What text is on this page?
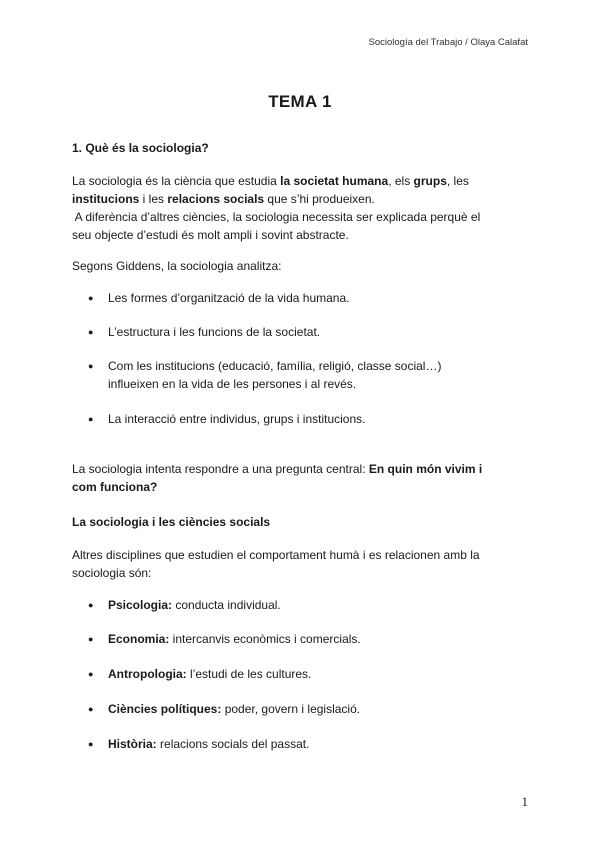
Sociología del Trabajo / Olaya Calafat
TEMA 1
1. Què és la sociologia?
La sociologia és la ciència que estudia la societat humana, els grups, les
institucions i les relacions socials que s’hi produeixen.
A diferència d’altres ciències, la sociologia necessita ser explicada perquè el
seu objecte d’estudi és molt ampli i sovint abstracte.
Segons Giddens, la sociologia analitza:
● Les formes d’organització de la vida humana.
● L’estructura i les funcions de la societat.
● Com les institucions (educació, família, religió, classe social…)
influeixen en la vida de les persones i al revés.
● La interacció entre individus, grups i institucions.
La sociologia intenta respondre a una pregunta central: En quin món vivim i
com funciona?
La sociologia i les ciències socials
Altres disciplines que estudien el comportament humà i es relacionen amb la
sociologia són:
● Psicologia: conducta individual.
● Economia: intercanvis econòmics i comercials.
● Antropologia: l’estudi de les cultures.
● Ciències polítiques: poder, govern i legislació.
● Història: relacions socials del passat.
1
